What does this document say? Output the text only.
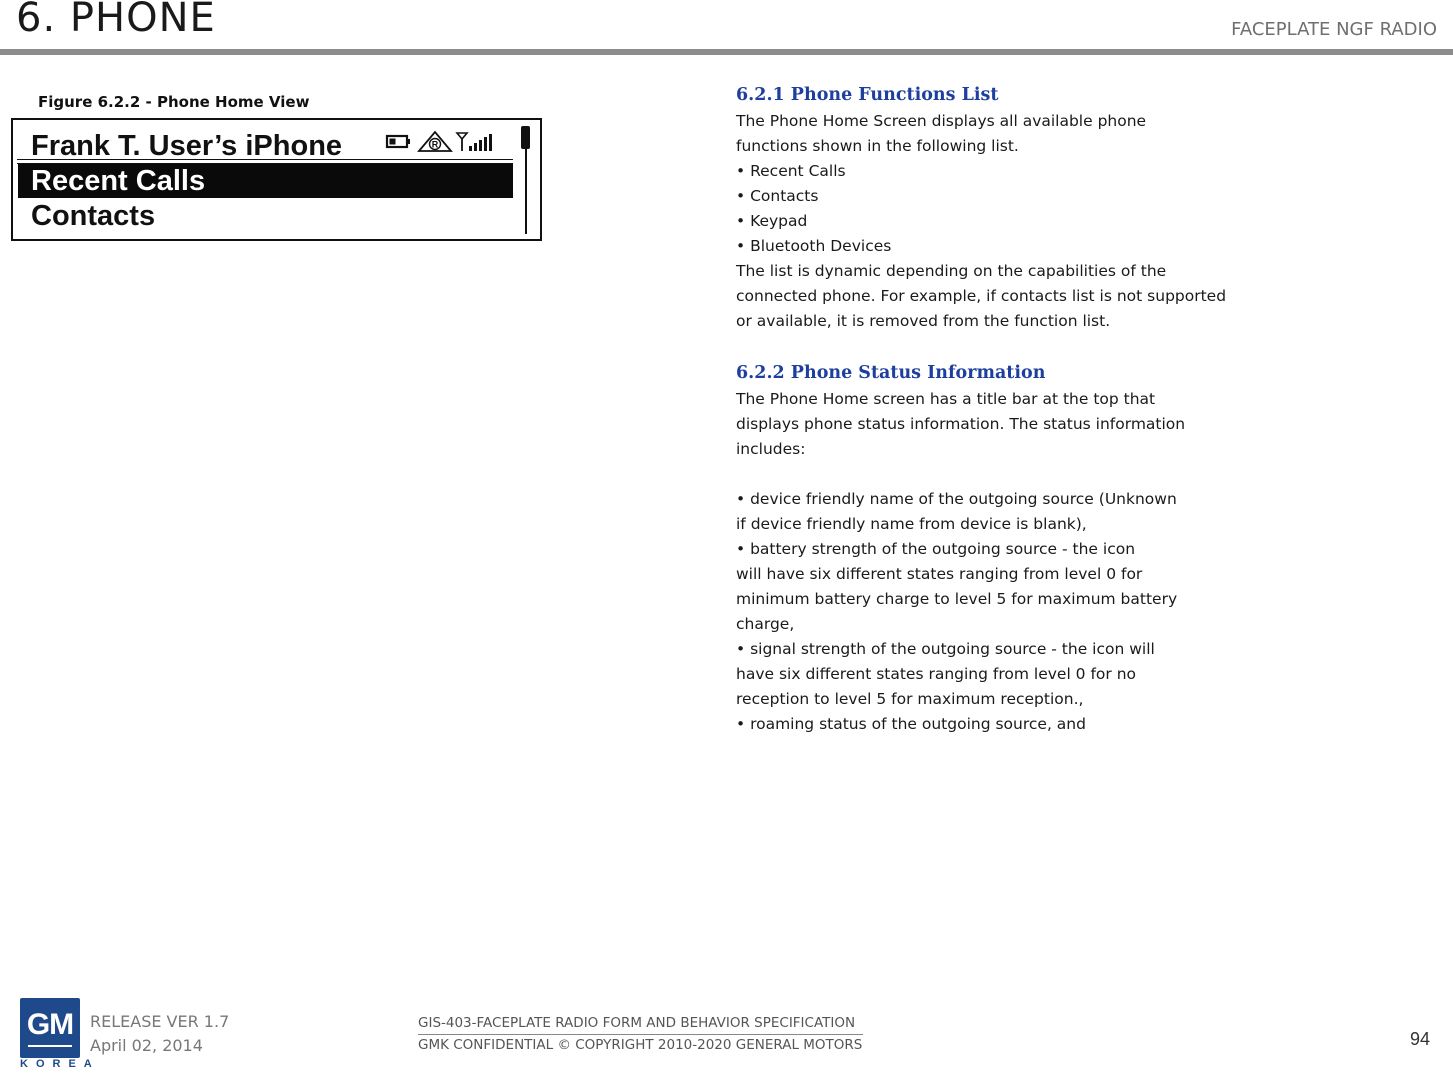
6. PHONE	FACEPLATE NGF RADIO
Figure 6.2.2 - Phone Home View
Frank T. User’s iPhone	R
Recent Calls
Contacts
6.2.1 Phone Functions List

The Phone Home Screen displays all available phone

functions shown in the following list.

• Recent Calls

• Contacts

• Keypad

• Bluetooth Devices

The list is dynamic depending on the capabilities of the

connected phone. For example, if contacts list is not supported

or available, it is removed from the function list.

6.2.2 Phone Status Information

The Phone Home screen has a title bar at the top that

displays phone status information. The status information

includes:

• device friendly name of the outgoing source (Unknown

if device friendly name from device is blank),

• battery strength of the outgoing source - the icon

will have six different states ranging from level 0 for

minimum battery charge to level 5 for maximum battery

charge,

• signal strength of the outgoing source - the icon will

have six different states ranging from level 0 for no

reception to level 5 for maximum reception.,

• roaming status of the outgoing source, and

GM
KOREA
RELEASE VER 1.7
April 02, 2014
GIS-403-FACEPLATE RADIO FORM AND BEHAVIOR SPECIFICATION
GMK CONFIDENTIAL © COPYRIGHT 2010-2020 GENERAL MOTORS	94
